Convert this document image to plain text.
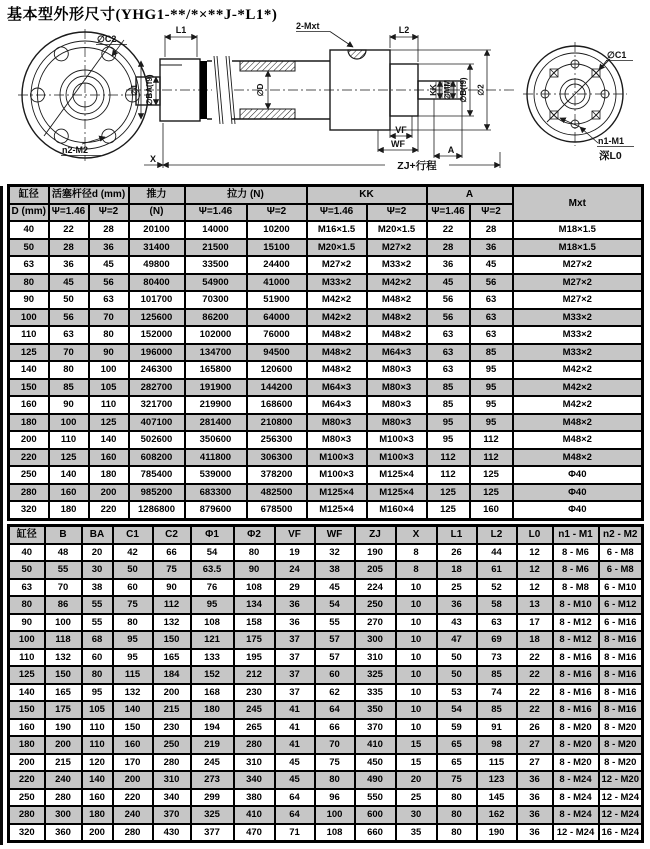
基本型外形尺寸(YHG1-**/*×**J-*L1*)
∅C2
n2-M2
∅1 ∅BA(f9)
L1
∅D
2-Mxt	L2
KK ∅MM ∅B(f9) ∅2
VF
WF
A
X
ZJ+行程
∅C1
n1-M1
深L0
缸径	活塞杆径d (mm)		推力	拉力 (N)		KK		A		Mxt
D (mm)	Ψ=1.46	Ψ=2	(N)	Ψ=1.46	Ψ=2	Ψ=1.46	Ψ=2	Ψ=1.46	Ψ=2	
40	22	28	20100	14000	10200	M16×1.5	M20×1.5	22	28	M18×1.5
50	28	36	31400	21500	15100	M20×1.5	M27×2	28	36	M18×1.5
63	36	45	49800	33500	24400	M27×2	M33×2	36	45	M27×2
80	45	56	80400	54900	41000	M33×2	M42×2	45	56	M27×2
90	50	63	101700	70300	51900	M42×2	M48×2	56	63	M27×2
100	56	70	125600	86200	64000	M42×2	M48×2	56	63	M33×2
110	63	80	152000	102000	76000	M48×2	M48×2	63	63	M33×2
125	70	90	196000	134700	94500	M48×2	M64×3	63	85	M33×2
140	80	100	246300	165800	120600	M48×2	M80×3	63	95	M42×2
150	85	105	282700	191900	144200	M64×3	M80×3	85	95	M42×2
160	90	110	321700	219900	168600	M64×3	M80×3	85	95	M42×2
180	100	125	407100	281400	210800	M80×3	M80×3	95	95	M48×2
200	110	140	502600	350600	256300	M80×3	M100×3	95	112	M48×2
220	125	160	608200	411800	306300	M100×3	M100×3	112	112	M48×2
250	140	180	785400	539000	378200	M100×3	M125×4	112	125	Φ40
280	160	200	985200	683300	482500	M125×4	M125×4	125	125	Φ40
320	180	220	1286800	879600	678500	M125×4	M160×4	125	160	Φ40
缸径	B	BA	C1	C2	Φ1	Φ2	VF	WF	ZJ	X	L1	L2	L0	n1 - M1	n2 - M2
40	48	20	42	66	54	80	19	32	190	8	26	44	12	8 - M6	6 - M8
50	55	30	50	75	63.5	90	24	38	205	8	18	61	12	8 - M6	6 - M8
63	70	38	60	90	76	108	29	45	224	10	25	52	12	8 - M8	6 - M10
80	86	55	75	112	95	134	36	54	250	10	36	58	13	8 - M10	6 - M12
90	100	55	80	132	108	158	36	55	270	10	43	63	17	8 - M12	6 - M16
100	118	68	95	150	121	175	37	57	300	10	47	69	18	8 - M12	8 - M16
110	132	60	95	165	133	195	37	57	310	10	50	73	22	8 - M16	8 - M16
125	150	80	115	184	152	212	37	60	325	10	50	85	22	8 - M16	8 - M16
140	165	95	132	200	168	230	37	62	335	10	53	74	22	8 - M16	8 - M16
150	175	105	140	215	180	245	41	64	350	10	54	85	22	8 - M16	8 - M16
160	190	110	150	230	194	265	41	66	370	10	59	91	26	8 - M20	8 - M20
180	200	110	160	250	219	280	41	70	410	15	65	98	27	8 - M20	8 - M20
200	215	120	170	280	245	310	45	75	450	15	65	115	27	8 - M20	8 - M20
220	240	140	200	310	273	340	45	80	490	20	75	123	36	8 - M24	12 - M20
250	280	160	220	340	299	380	64	96	550	25	80	145	36	8 - M24	12 - M24
280	300	180	240	370	325	410	64	100	600	30	80	162	36	8 - M24	12 - M24
320	360	200	280	430	377	470	71	108	660	35	80	190	36	12 - M24	16 - M24
